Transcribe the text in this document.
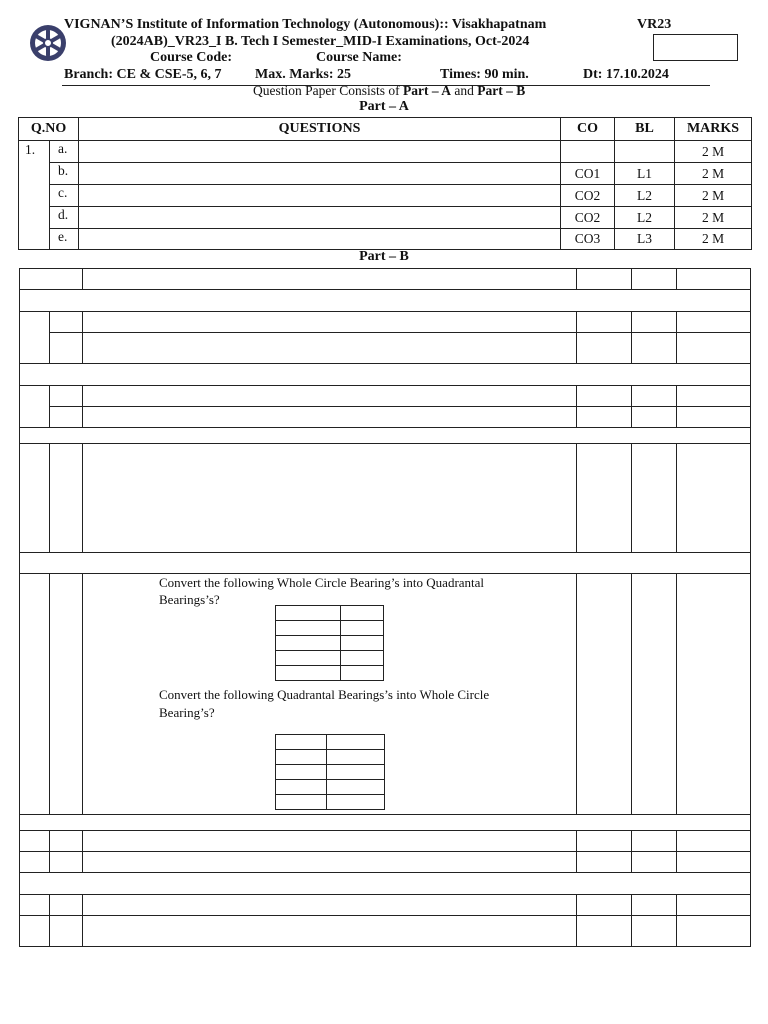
VIGNAN’S Institute of Information Technology (Autonomous):: Visakhapatnam	VR23
(2024AB)_VR23_I B. Tech I Semester_MID-I Examinations, Oct-2024
Course Code:	Course Name:
Branch: CE & CSE-5, 6, 7 Max. Marks: 25	Times: 90 min.	Dt: 17.10.2024
Question Paper Consists of Part – A and Part – B
Part – A
Q.NO		QUESTIONS	CO	BL	MARKS
1.	a.				2 M
	b.		CO1	L1	2 M
	c.		CO2	L2	2 M
	d.		CO2	L2	2 M
	e.		CO3	L3	2 M
Part – B

Convert the following Whole Circle Bearing’s into Quadrantal Bearings’s?

Convert the following Quadrantal Bearings’s into Whole Circle Bearing’s?
